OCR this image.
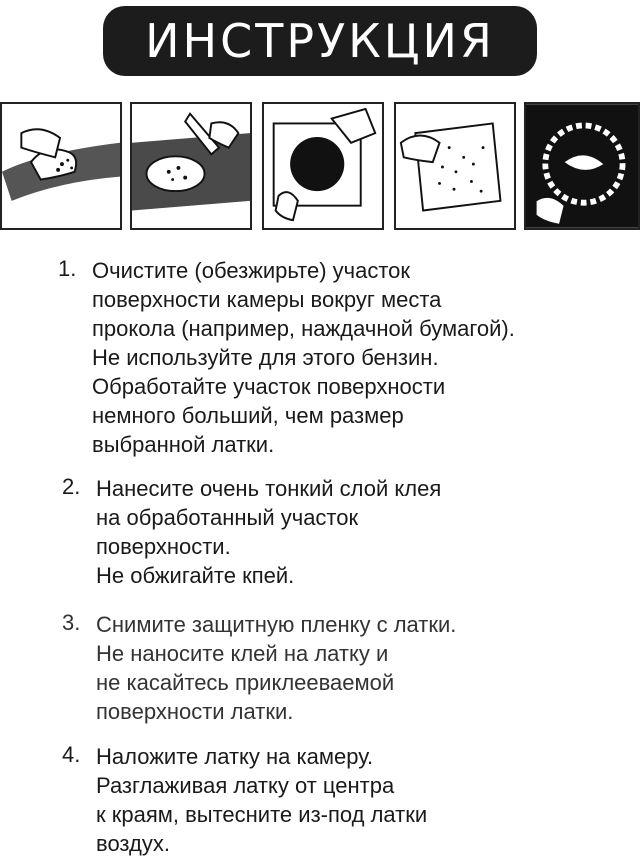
ИНСТРУКЦИЯ
1. Очистите (обезжирьте) участок
поверхности камеры вокруг места
прокола (например, наждачной бумагой).
Не используйте для этого бензин.
Обработайте участок поверхности
немного больший, чем размер
выбранной латки.
2. Нанесите очень тонкий слой клея
на обработанный участок
поверхности.
Не обжигайте кпей.
3. Снимите защитную пленку с латки.
Не наносите клей на латку и
не касайтесь приклееваемой
поверхности латки.
4. Наложите латку на камеру.
Разглаживая латку от центра
к краям, вытесните из-под латки
воздух.
